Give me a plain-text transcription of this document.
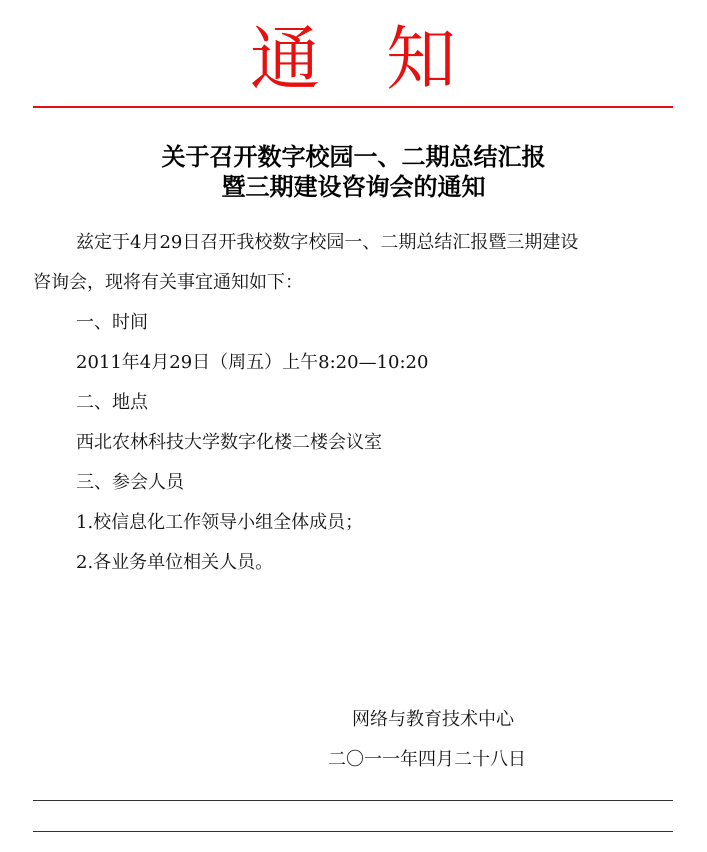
通 知
关于召开数字校园一、二期总结汇报
暨三期建设咨询会的通知
兹定于4月29日召开我校数字校园一、二期总结汇报暨三期建设
咨询会，现将有关事宜通知如下：
一、时间
2011年4月29日（周五）上午8:20—10:20
二、地点
西北农林科技大学数字化楼二楼会议室
三、参会人员
1.校信息化工作领导小组全体成员；
2.各业务单位相关人员。
网络与教育技术中心
二〇一一年四月二十八日
